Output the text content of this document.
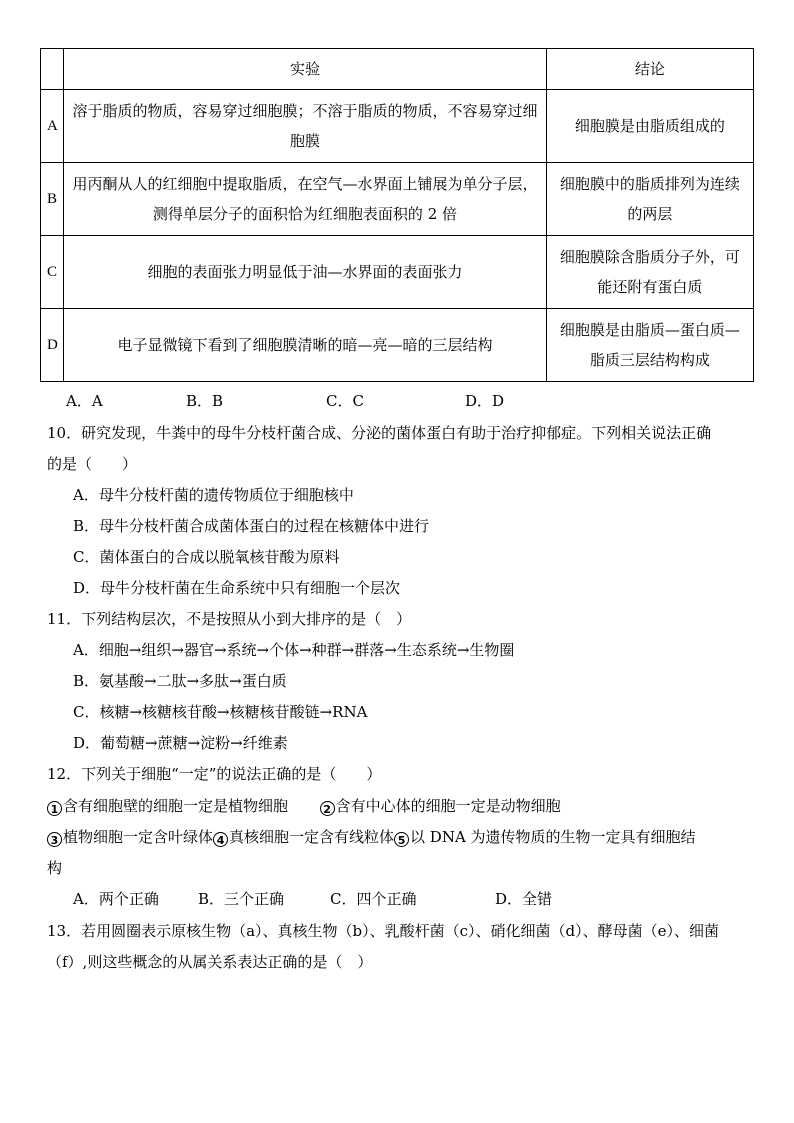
	实验	结论
A	溶于脂质的物质，容易穿过细胞膜；不溶于脂质的物质，不容易穿过细胞膜	细胞膜是由脂质组成的
B	用丙酮从人的红细胞中提取脂质，在空气—水界面上铺展为单分子层，测得单层分子的面积恰为红细胞表面积的 2 倍	细胞膜中的脂质排列为连续的两层
C	细胞的表面张力明显低于油—水界面的表面张力	细胞膜除含脂质分子外，可能还附有蛋白质
D	电子显微镜下看到了细胞膜清晰的暗—亮—暗的三层结构	细胞膜是由脂质—蛋白质—脂质三层结构构成
A．A	B．B	C．C	D．D
10．研究发现，牛粪中的母牛分枝杆菌合成、分泌的菌体蛋白有助于治疗抑郁症。下列相关说法正确
的是（　　）
A．母牛分枝杆菌的遗传物质位于细胞核中
B．母牛分枝杆菌合成菌体蛋白的过程在核糖体中进行
C．菌体蛋白的合成以脱氧核苷酸为原料
D．母牛分枝杆菌在生命系统中只有细胞一个层次
11．下列结构层次，不是按照从小到大排序的是（　）
A．细胞→组织→器官→系统→个体→种群→群落→生态系统→生物圈
B．氨基酸→二肽→多肽→蛋白质
C．核糖→核糖核苷酸→核糖核苷酸链→RNA
D．葡萄糖→蔗糖→淀粉→纤维素
12．下列关于细胞“一定”的说法正确的是（　　）
1 含有细胞壁的细胞一定是植物细胞	2 含有中心体的细胞一定是动物细胞
3 植物细胞一定含叶绿体 4 真核细胞一定含有线粒体 5 以 DNA 为遗传物质的生物一定具有细胞结
构
A．两个正确	B．三个正确	C．四个正确	D．全错
13．若用圆圈表示原核生物（a）、真核生物（b）、乳酸杆菌（c）、硝化细菌（d）、酵母菌（e）、细菌
（f）,则这些概念的从属关系表达正确的是（　）
